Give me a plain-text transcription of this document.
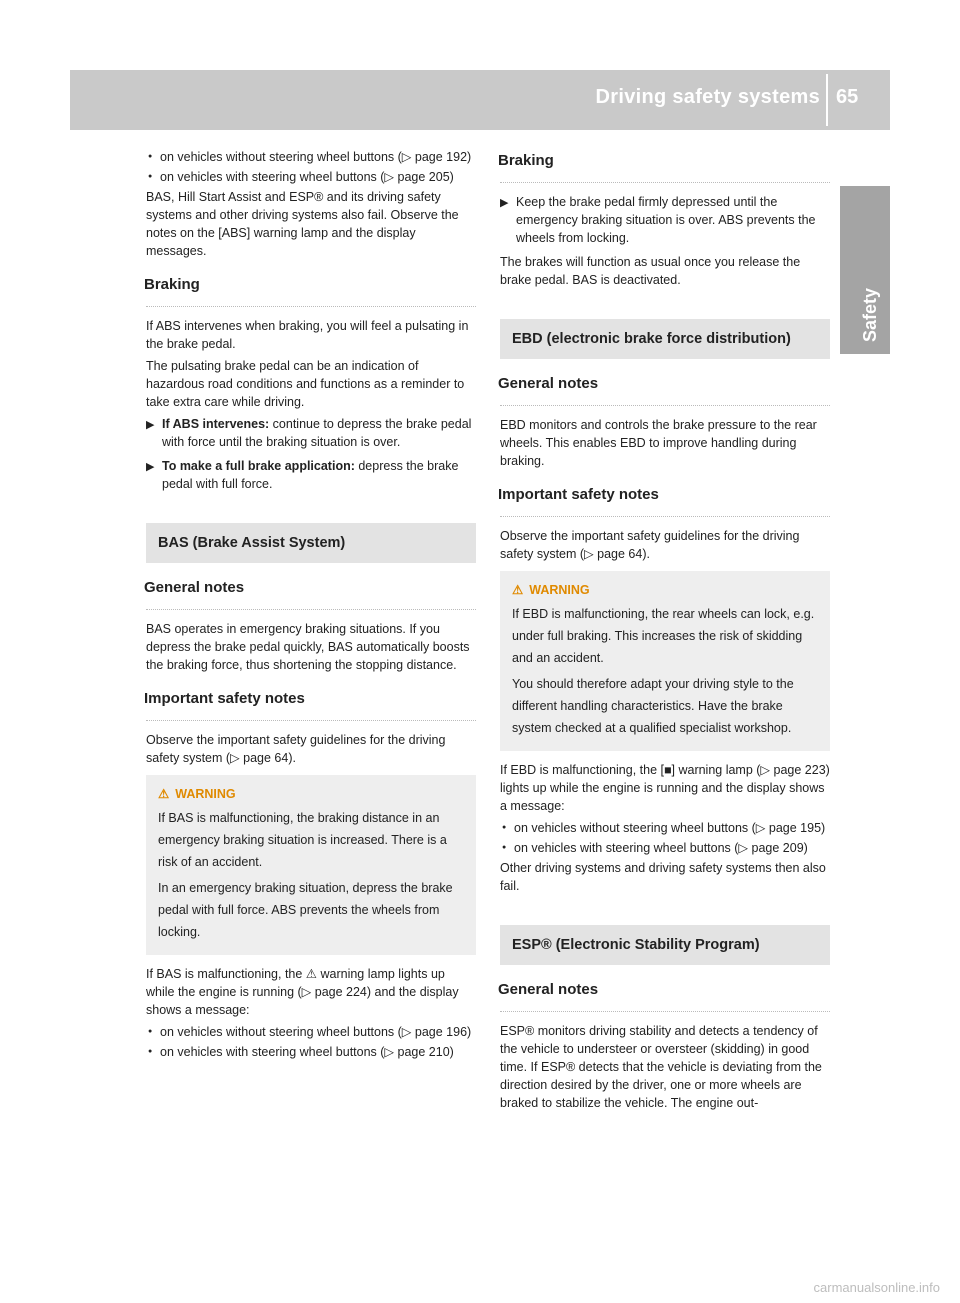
Driving safety systems 65
Safety
● on vehicles without steering wheel buttons (▷ page 192)
● on vehicles with steering wheel buttons (▷ page 205)

BAS, Hill Start Assist and ESP® and its driving safety systems and other driving systems also fail. Observe the notes on the [ABS] warning lamp and the display messages.

Braking

If ABS intervenes when braking, you will feel a pulsating in the brake pedal.

The pulsating brake pedal can be an indication of hazardous road conditions and functions as a reminder to take extra care while driving.

▶ If ABS intervenes: continue to depress the brake pedal with force until the braking situation is over.
▶ To make a full brake application: depress the brake pedal with full force.
BAS (Brake Assist System)
General notes

BAS operates in emergency braking situations. If you depress the brake pedal quickly, BAS automatically boosts the braking force, thus shortening the stopping distance.

Important safety notes

Observe the important safety guidelines for the driving safety system (▷ page 64).

⚠ WARNING

If BAS is malfunctioning, the braking distance in an emergency braking situation is increased. There is a risk of an accident.

In an emergency braking situation, depress the brake pedal with full force. ABS prevents the wheels from locking.

If BAS is malfunctioning, the ⚠ warning lamp lights up while the engine is running (▷ page 224) and the display shows a message:

● on vehicles without steering wheel buttons (▷ page 196)
● on vehicles with steering wheel buttons (▷ page 210)
Braking
▶ Keep the brake pedal firmly depressed until the emergency braking situation is over. ABS prevents the wheels from locking.

The brakes will function as usual once you release the brake pedal. BAS is deactivated.

EBD (electronic brake force distribution)
General notes

EBD monitors and controls the brake pressure to the rear wheels. This enables EBD to improve handling during braking.

Important safety notes

Observe the important safety guidelines for the driving safety system (▷ page 64).

⚠ WARNING

If EBD is malfunctioning, the rear wheels can lock, e.g. under full braking. This increases the risk of skidding and an accident.

You should therefore adapt your driving style to the different handling characteristics. Have the brake system checked at a qualified specialist workshop.

If EBD is malfunctioning, the [■] warning lamp (▷ page 223) lights up while the engine is running and the display shows a message:

● on vehicles without steering wheel buttons (▷ page 195)
● on vehicles with steering wheel buttons (▷ page 209)

Other driving systems and driving safety systems then also fail.

ESP® (Electronic Stability Program)
General notes

ESP® monitors driving stability and detects a tendency of the vehicle to understeer or oversteer (skidding) in good time. If ESP® detects that the vehicle is deviating from the direction desired by the driver, one or more wheels are braked to stabilize the vehicle. The engine out-

carmanualsonline.info
